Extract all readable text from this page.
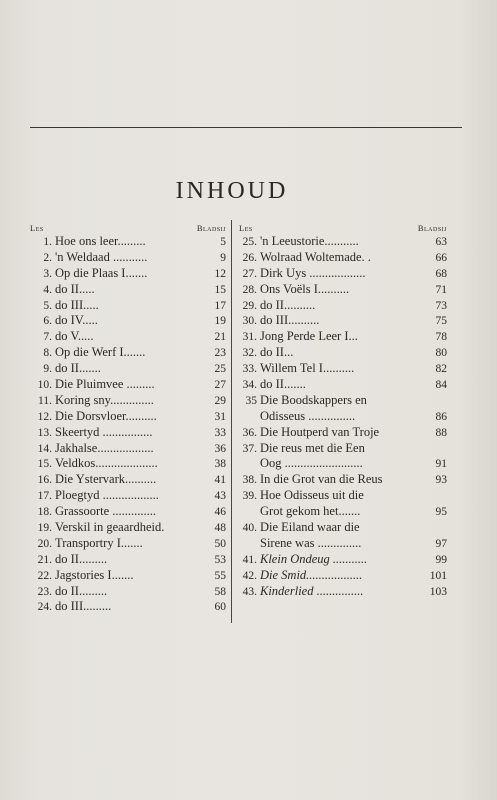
INHOUD
Les	Bladsij
1. Hoe ons leer.........	5
2. 'n Weldaad ...........	9
3. Op die Plaas I.......	12
4. do II.....	15
5. do III.....	17
6. do IV.....	19
7. do V.....	21
8. Op die Werf I.......	23
9. do II.......	25
10. Die Pluimvee .........	27
11. Koring sny..............	29
12. Die Dorsvloer..........	31
13. Skeertyd ................	33
14. Jakhalse..................	36
15. Veldkos....................	38
16. Die Ystervark..........	41
17. Ploegtyd ..................	43
18. Grassoorte ..............	46
19. Verskil in geaardheid.	48
20. Transportry I.......	50
21. do II.........	53
22. Jagstories I.......	55
23. do II.........	58
24. do III.........	60
Les	Bladsij
25. 'n Leeustorie...........	63
26. Wolraad Woltemade. .	66
27. Dirk Uys ..................	68
28. Ons Voëls I..........	71
29. do II..........	73
30. do III..........	75
31. Jong Perde Leer I...	78
32. do II...	80
33. Willem Tel I..........	82
34. do II.......	84
35 Die Boodskappers en
Odisseus ...............	86
36. Die Houtperd van Troje	88
37. Die reus met die Een
Oog .........................	91
38. In die Grot van die Reus	93
39. Hoe Odisseus uit die
Grot gekom het.......	95
40. Die Eiland waar die
Sirene was ..............	97
41. Klein Ondeug ...........	99
42. Die Smid..................	101
43. Kinderlied ...............	103
